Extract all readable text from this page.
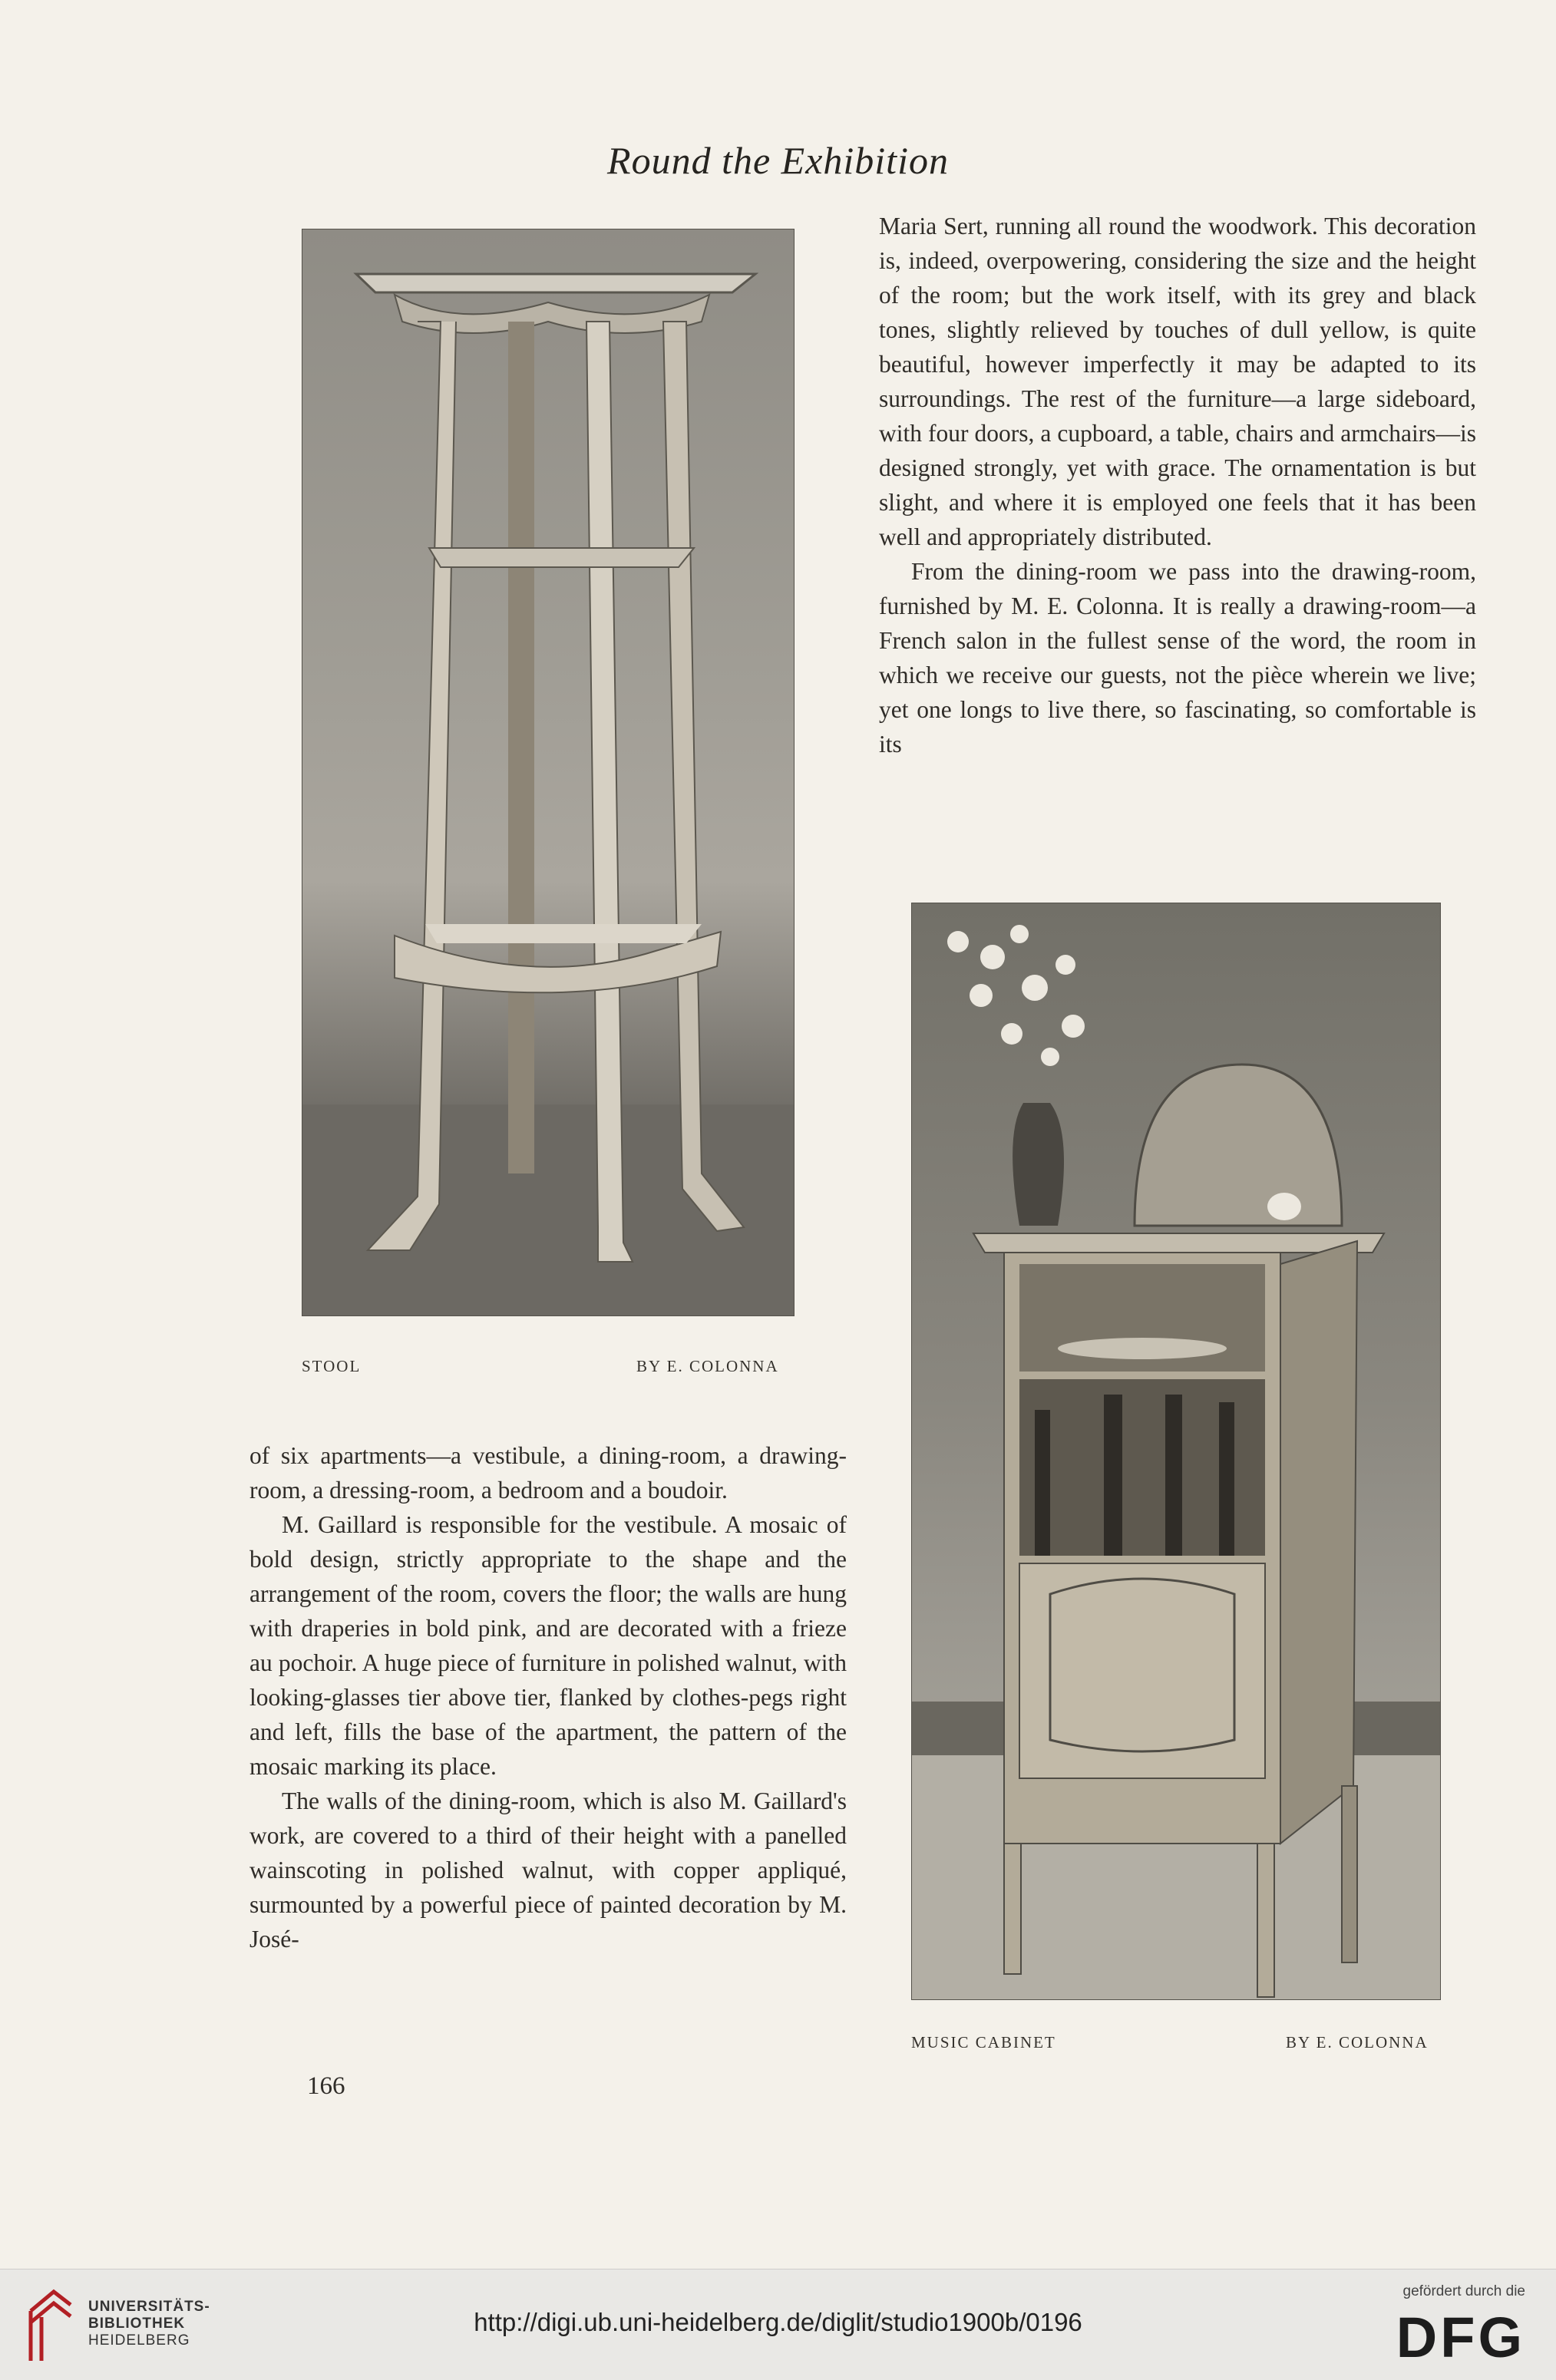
Round the Exhibition

Maria Sert, running all round the woodwork. This decoration is, indeed, overpowering, considering the size and the height of the room; but the work itself, with its grey and black tones, slightly relieved by touches of dull yellow, is quite beautiful, however imperfectly it may be adapted to its surroundings. The rest of the furniture—a large sideboard, with four doors, a cupboard, a table, chairs and armchairs—is designed strongly, yet with grace. The ornamentation is but slight, and where it is employed one feels that it has been well and appropriately distributed.

From the dining-room we pass into the drawing-room, furnished by M. E. Colonna. It is really a drawing-room—a French salon in the fullest sense of the word, the room in which we receive our guests, not the pièce wherein we live; yet one longs to live there, so fascinating, so comfortable is its

STOOL	BY E. COLONNA

of six apartments—a vestibule, a dining-room, a drawing-room, a dressing-room, a bedroom and a boudoir.

M. Gaillard is responsible for the vestibule. A mosaic of bold design, strictly appropriate to the shape and the arrangement of the room, covers the floor; the walls are hung with draperies in bold pink, and are decorated with a frieze au pochoir. A huge piece of furniture in polished walnut, with looking-glasses tier above tier, flanked by clothes-pegs right and left, fills the base of the apartment, the pattern of the mosaic marking its place.

The walls of the dining-room, which is also M. Gaillard's work, are covered to a third of their height with a panelled wainscoting in polished walnut, with copper appliqué, surmounted by a powerful piece of painted decoration by M. José-

MUSIC CABINET	BY E. COLONNA
166
UNIVERSITÄTS-
BIBLIOTHEK
HEIDELBERG
http://digi.ub.uni-heidelberg.de/diglit/studio1900b/0196
gefördert durch die
DFG
